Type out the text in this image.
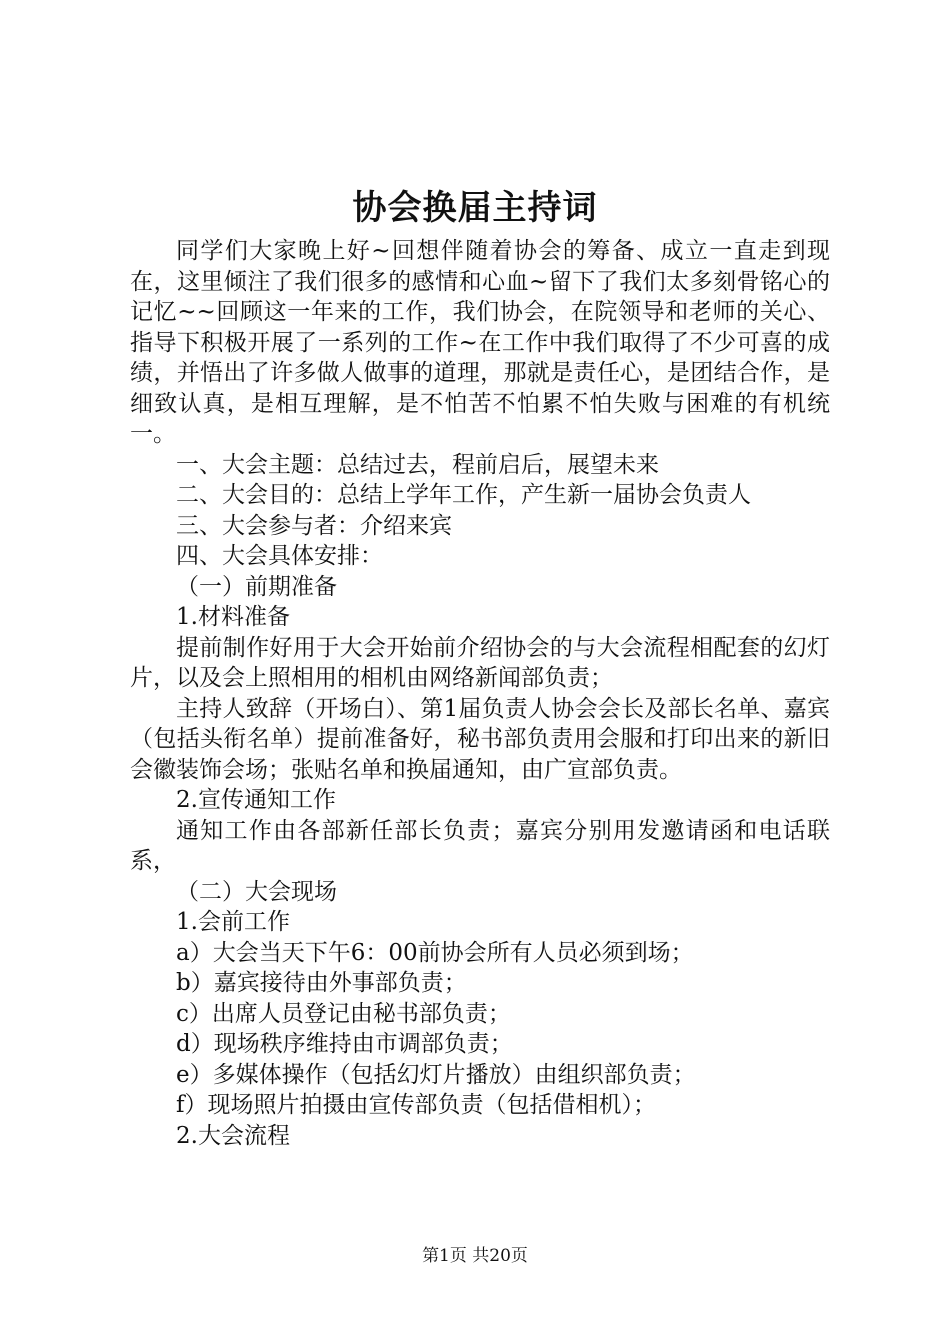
协会换届主持词

同学们大家晚上好~回想伴随着协会的筹备、成立一直走到现在，这里倾注了我们很多的感情和心血~留下了我们太多刻骨铭心的记忆~~回顾这一年来的工作，我们协会，在院领导和老师的关心、指导下积极开展了一系列的工作~在工作中我们取得了不少可喜的成绩，并悟出了许多做人做事的道理，那就是责任心，是团结合作，是细致认真，是相互理解，是不怕苦不怕累不怕失败与困难的有机统一。

一、大会主题：总结过去，程前启后，展望未来

二、大会目的：总结上学年工作，产生新一届协会负责人

三、大会参与者：介绍来宾

四、大会具体安排：

（一）前期准备

1.材料准备

提前制作好用于大会开始前介绍协会的与大会流程相配套的幻灯片，以及会上照相用的相机由网络新闻部负责；

主持人致辞（开场白）、第1届负责人协会会长及部长名单、嘉宾（包括头衔名单）提前准备好，秘书部负责用会服和打印出来的新旧会徽装饰会场；张贴名单和换届通知，由广宣部负责。

2.宣传通知工作

通知工作由各部新任部长负责；嘉宾分别用发邀请函和电话联系，

（二）大会现场

1.会前工作

a）大会当天下午6：00前协会所有人员必须到场；

b）嘉宾接待由外事部负责；

c）出席人员登记由秘书部负责；

d）现场秩序维持由市调部负责；

e）多媒体操作（包括幻灯片播放）由组织部负责；

f）现场照片拍摄由宣传部负责（包括借相机）；

2.大会流程

第1页 共20页
